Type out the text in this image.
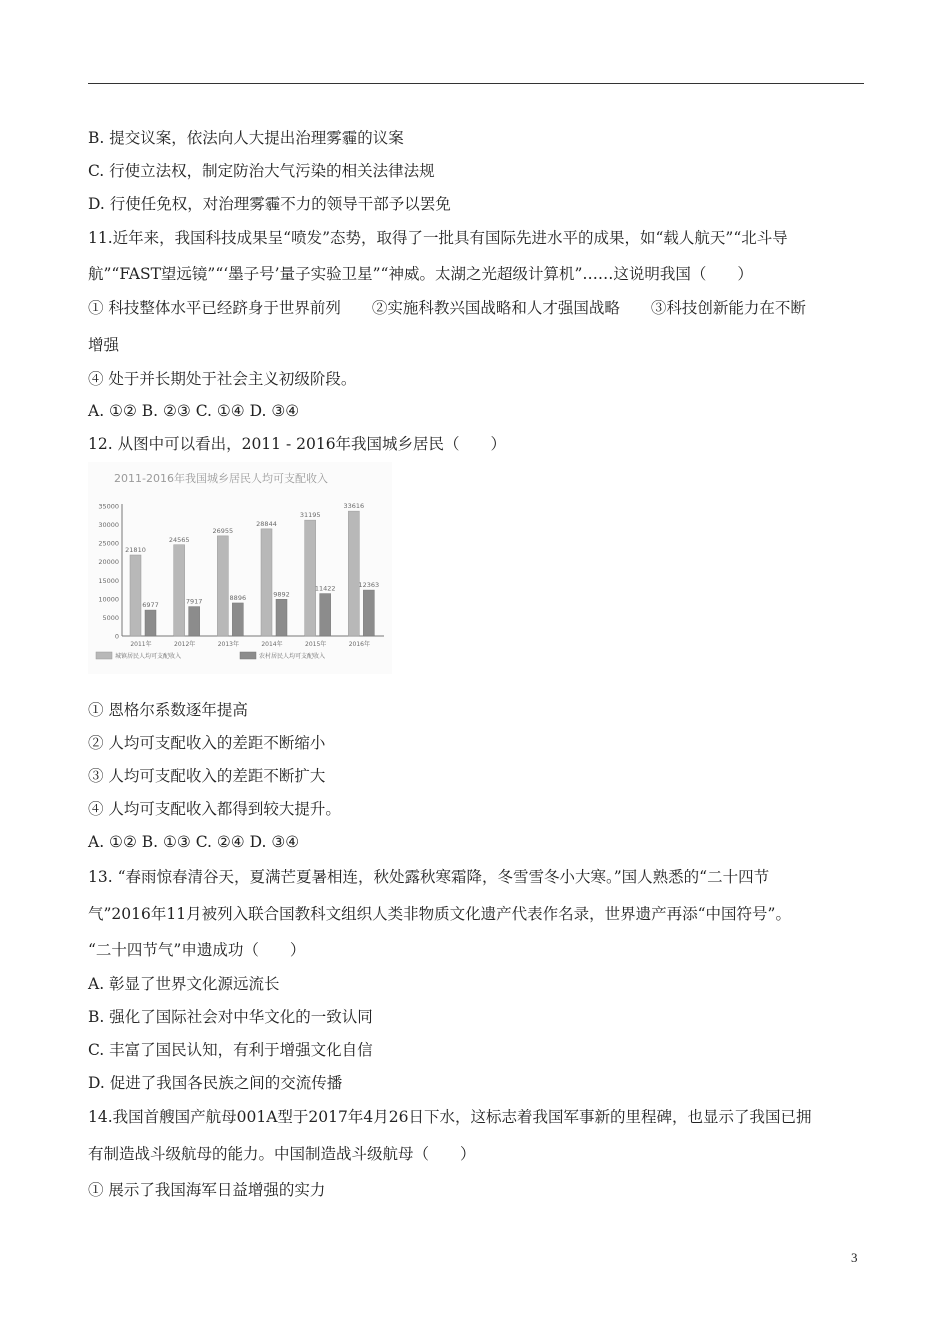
B. 提交议案，依法向人大提出治理雾霾的议案
C. 行使立法权，制定防治大气污染的相关法律法规
D. 行使任免权，对治理雾霾不力的领导干部予以罢免
11.近年来，我国科技成果呈“喷发”态势，取得了一批具有国际先进水平的成果，如“载人航天”“北斗导
航”“FAST望远镜”“‘墨子号’量子实验卫星”“神威。太湖之光超级计算机”……这说明我国（　　）
① 科技整体水平已经跻身于世界前列　　②实施科教兴国战略和人才强国战略　　③科技创新能力在不断
增强
④ 处于并长期处于社会主义初级阶段。
A. ①② B. ②③ C. ①④ D. ③④
12. 从图中可以看出，2011 - 2016年我国城乡居民（　　）
2011-2016年我国城乡居民人均可支配收入
0
5000
10000
15000
20000
25000
30000
35000
21810
6977
2011年
24565
7917
2012年
26955
8896
2013年
28844
9892
2014年
31195
11422
2015年
33616
12363
2016年
城镇居民人均可支配收入	农村居民人均可支配收入
① 恩格尔系数逐年提高
② 人均可支配收入的差距不断缩小
③ 人均可支配收入的差距不断扩大
④ 人均可支配收入都得到较大提升。
A. ①② B. ①③ C. ②④ D. ③④
13. “春雨惊春清谷天，夏满芒夏暑相连，秋处露秋寒霜降，冬雪雪冬小大寒。”国人熟悉的“二十四节
气”2016年11月被列入联合国教科文组织人类非物质文化遗产代表作名录，世界遗产再添“中国符号”。
“二十四节气”申遗成功（　　）
A. 彰显了世界文化源远流长
B. 强化了国际社会对中华文化的一致认同
C. 丰富了国民认知，有利于增强文化自信
D. 促进了我国各民族之间的交流传播
14.我国首艘国产航母001A型于2017年4月26日下水，这标志着我国军事新的里程碑，也显示了我国已拥
有制造战斗级航母的能力。中国制造战斗级航母（　　）
① 展示了我国海军日益增强的实力
3
